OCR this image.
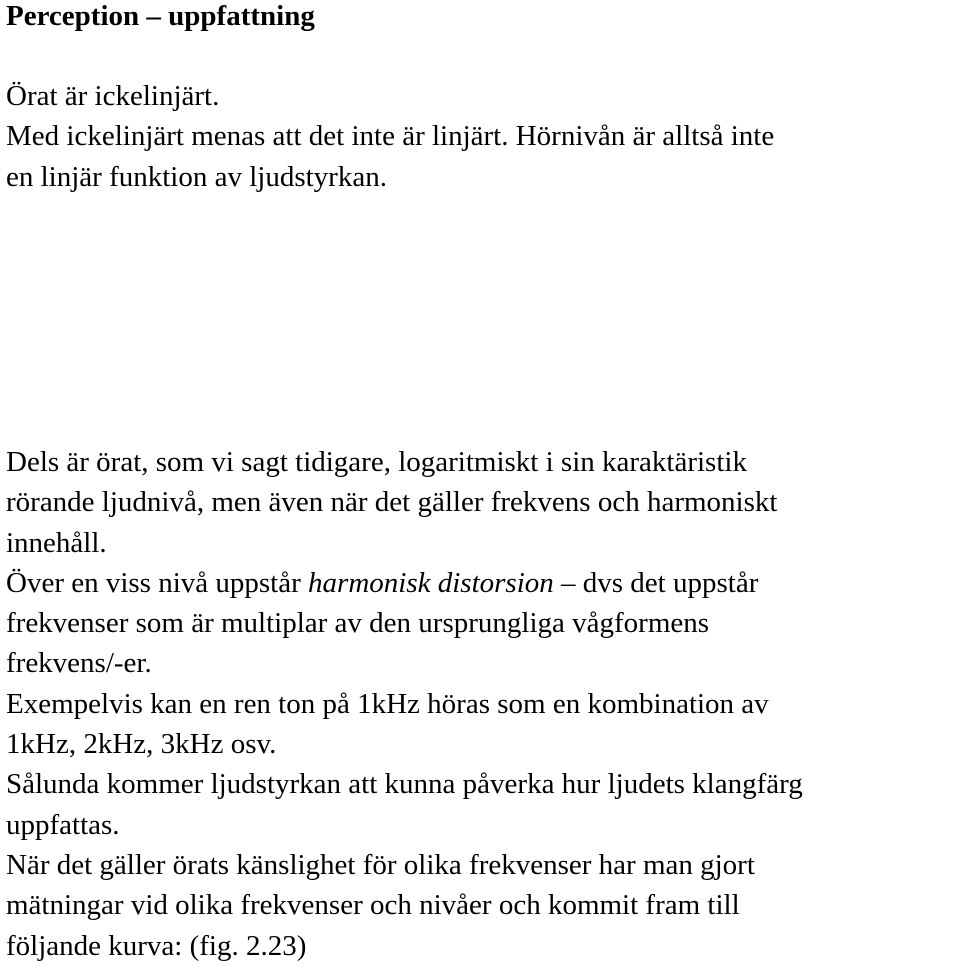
Perception – uppfattning
Örat är ickelinjärt.
Med ickelinjärt menas att det inte är linjärt. Hörnivån är alltså inte
en linjär funktion av ljudstyrkan.
Dels är örat, som vi sagt tidigare, logaritmiskt i sin karaktäristik
rörande ljudnivå, men även när det gäller frekvens och harmoniskt
innehåll.
Över en viss nivå uppstår harmonisk distorsion – dvs det uppstår
frekvenser som är multiplar av den ursprungliga vågformens
frekvens/-er.
Exempelvis kan en ren ton på 1kHz höras som en kombination av
1kHz, 2kHz, 3kHz osv.
Sålunda kommer ljudstyrkan att kunna påverka hur ljudets klangfärg
uppfattas.
När det gäller örats känslighet för olika frekvenser har man gjort
mätningar vid olika frekvenser och nivåer och kommit fram till
följande kurva: (fig. 2.23)
